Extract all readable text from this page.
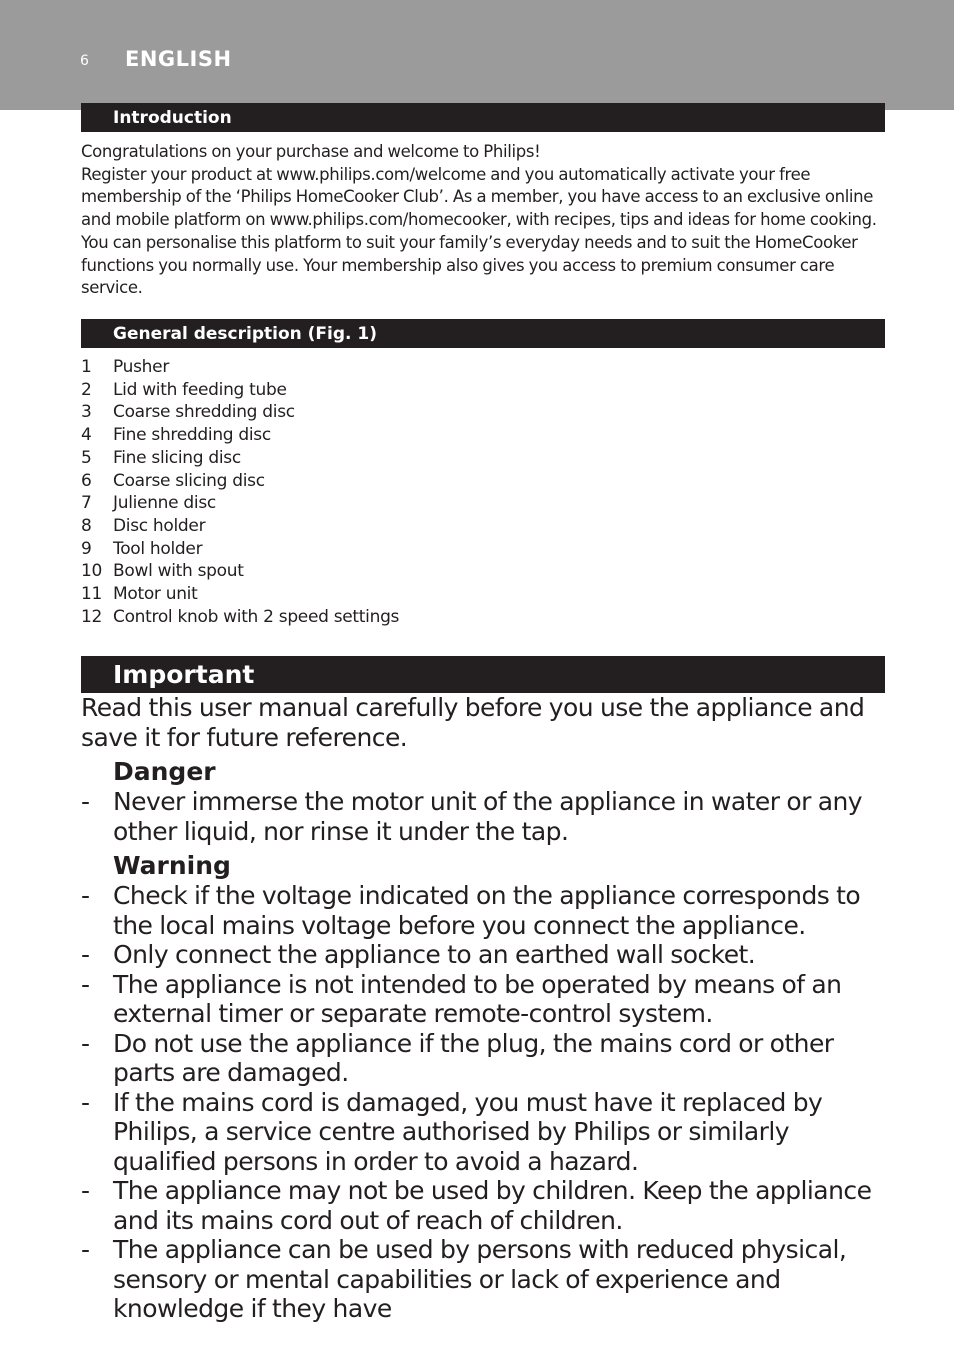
6 ENGLISH
Introduction

Congratulations on your purchase and welcome to Philips!
Register your product at www.philips.com/welcome and you automatically activate your free membership of the ‘Philips HomeCooker Club’. As a member, you have access to an exclusive online and mobile platform on www.philips.com/homecooker, with recipes, tips and ideas for home cooking. You can personalise this platform to suit your family’s everyday needs and to suit the HomeCooker functions you normally use. Your membership also gives you access to premium consumer care service.

General description (Fig. 1)
1	Pusher
2	Lid with feeding tube
3	Coarse shredding disc
4	Fine shredding disc
5	Fine slicing disc
6	Coarse slicing disc
7	Julienne disc
8	Disc holder
9	Tool holder
10 Bowl with spout
11 Motor unit
12 Control knob with 2 speed settings
Important

Read this user manual carefully before you use the appliance and save it for future reference.

Danger
- Never immerse the motor unit of the appliance in water or any other liquid, nor rinse it under the tap.
Warning
- Check if the voltage indicated on the appliance corresponds to the local mains voltage before you connect the appliance.
- Only connect the appliance to an earthed wall socket.
- The appliance is not intended to be operated by means of an external timer or separate remote-control system.
- Do not use the appliance if the plug, the mains cord or other parts are damaged.
- If the mains cord is damaged, you must have it replaced by Philips, a service centre authorised by Philips or similarly qualified persons in order to avoid a hazard.
- The appliance may not be used by children. Keep the appliance and its mains cord out of reach of children.
- The appliance can be used by persons with reduced physical, sensory or mental capabilities or lack of experience and knowledge if they have
